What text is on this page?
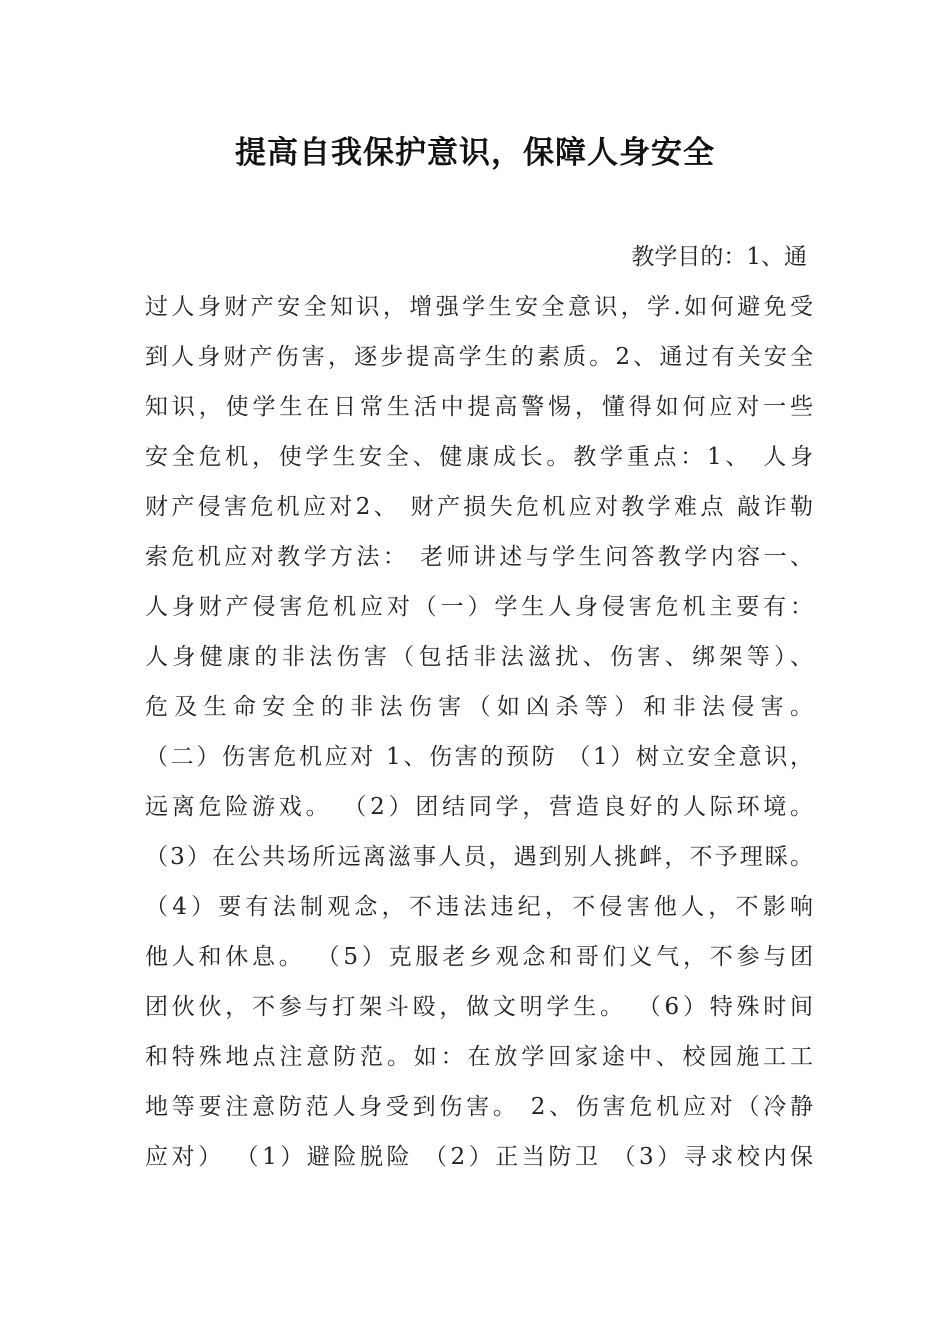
提高自我保护意识，保障人身安全
教学目的：1、通
过人身财产安全知识，增强学生安全意识，学.如何避免受
到人身财产伤害，逐步提高学生的素质。2、通过有关安全
知识，使学生在日常生活中提高警惕，懂得如何应对一些
安全危机，使学生安全、健康成长。教学重点：1、 人身
财产侵害危机应对2、 财产损失危机应对教学难点 敲诈勒
索危机应对教学方法： 老师讲述与学生问答教学内容一、
人身财产侵害危机应对（一）学生人身侵害危机主要有：
人身健康的非法伤害（包括非法滋扰、伤害、绑架等）、
危及生命安全的非法伤害（如凶杀等）和非法侵害。
（二）伤害危机应对 1、伤害的预防 （1）树立安全意识，
远离危险游戏。 （2）团结同学，营造良好的人际环境。
（3）在公共场所远离滋事人员，遇到别人挑衅，不予理睬。
（4）要有法制观念，不违法违纪，不侵害他人，不影响
他人和休息。 （5）克服老乡观念和哥们义气，不参与团
团伙伙，不参与打架斗殴，做文明学生。 （6）特殊时间
和特殊地点注意防范。如：在放学回家途中、校园施工工
地等要注意防范人身受到伤害。 2、伤害危机应对（冷静
应对） （1）避险脱险 （2）正当防卫 （3）寻求校内保
